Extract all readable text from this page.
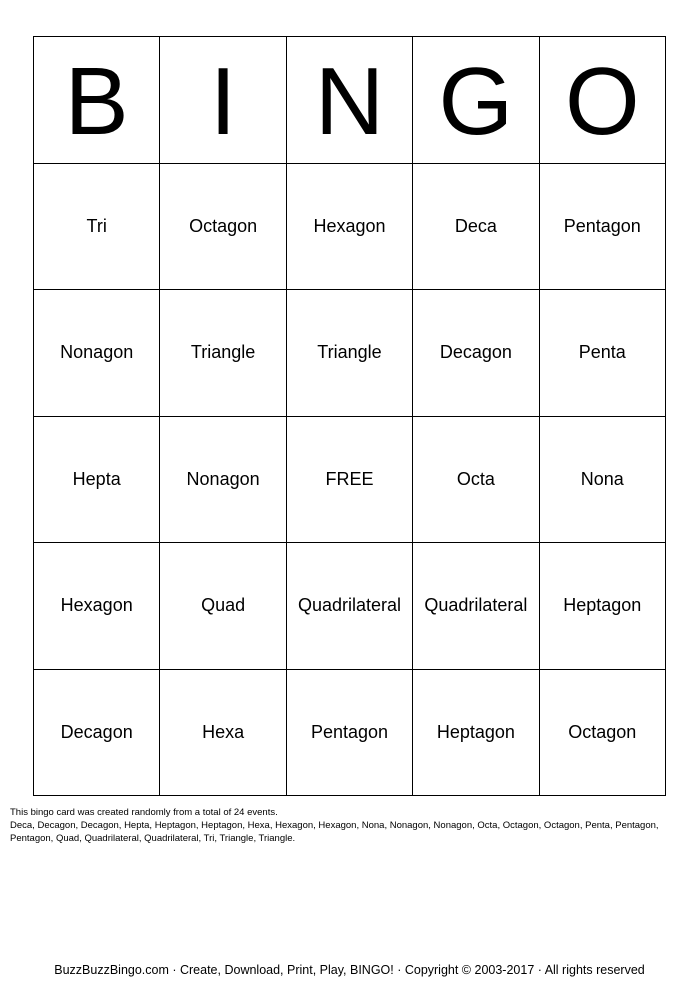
B I N G O
Tri	Octagon	Hexagon	Deca	Pentagon
Nonagon	Triangle	Triangle	Decagon	Penta
Hepta	Nonagon	FREE	Octa	Nona
Hexagon	Quad	Quadrilateral	Quadrilateral	Heptagon
Decagon	Hexa	Pentagon	Heptagon	Octagon
This bingo card was created randomly from a total of 24 events.
Deca, Decagon, Decagon, Hepta, Heptagon, Heptagon, Hexa, Hexagon, Hexagon, Nona, Nonagon, Nonagon, Octa, Octagon, Octagon, Penta, Pentagon, Pentagon, Quad, Quadrilateral, Quadrilateral, Tri, Triangle, Triangle.
BuzzBuzzBingo.com · Create, Download, Print, Play, BINGO! · Copyright © 2003-2017 · All rights reserved
